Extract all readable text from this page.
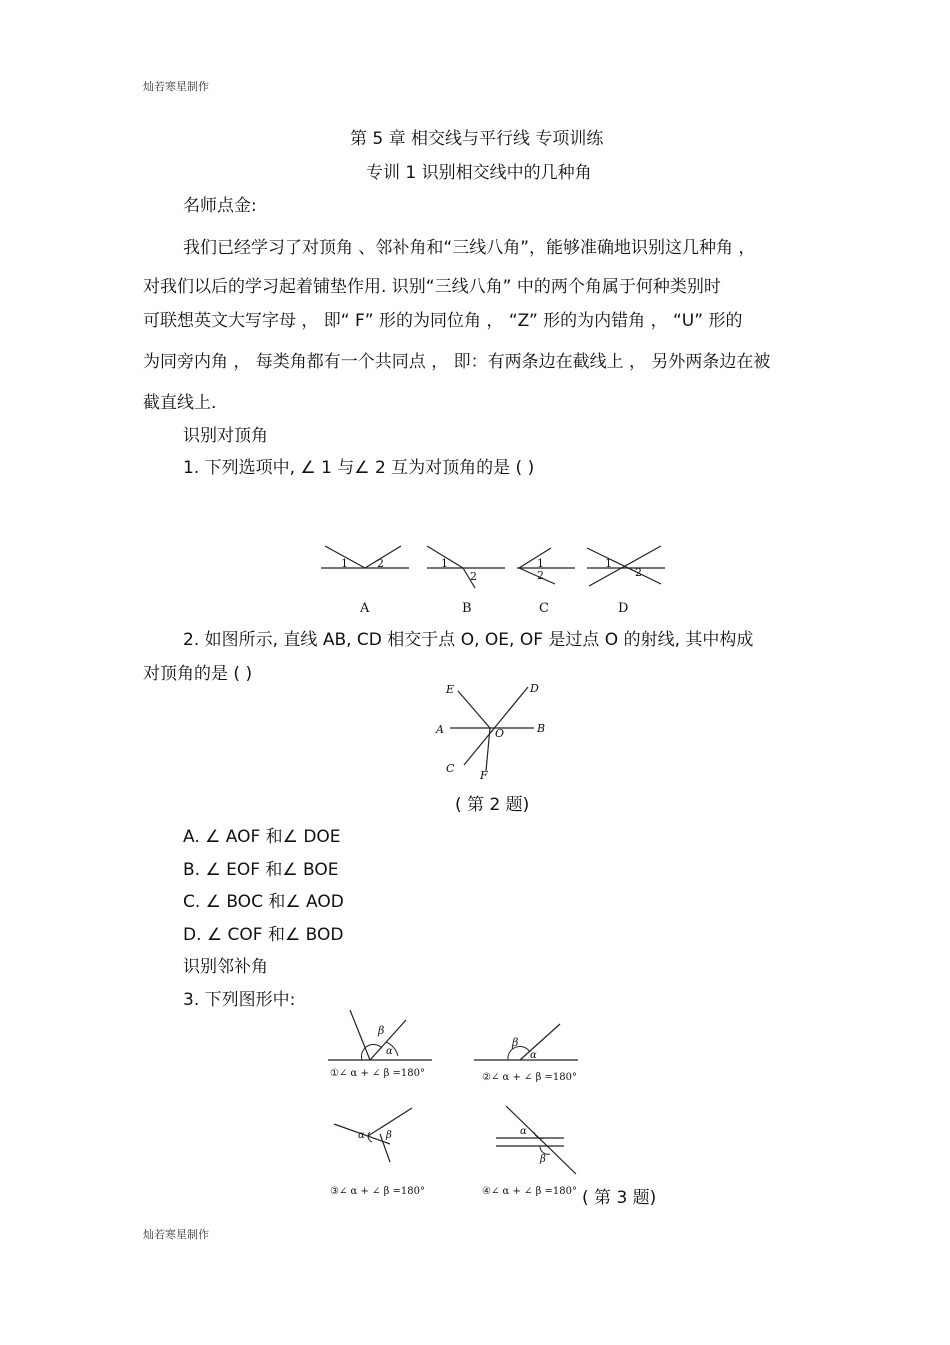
灿若寒星制作
灿若寒星制作
第 5 章 相交线与平行线 专项训练
专训 1 识别相交线中的几种角
名师点金:
我们已经学习了对顶角 、邻补角和“三线八角”，能够准确地识别这几种角 ，
对我们以后的学习起着铺垫作用. 识别“三线八角” 中的两个角属于何种类别时
可联想英文大写字母 ， 即“ F” 形的为同位角 ， “Z” 形的为内错角 ， “U” 形的
为同旁内角 ， 每类角都有一个共同点 ， 即：有两条边在截线上 ， 另外两条边在被
截直线上.
识别对顶角
1. 下列选项中, ∠ 1 与∠ 2 互为对顶角的是 ( )
1	2
A
1
2
B
1
2
C
1
2
D
2. 如图所示, 直线 AB, CD 相交于点 O, OE, OF 是过点 O 的射线, 其中构成
对顶角的是 ( )
E	D
A	O	B
C
F
( 第 2 题)
A. ∠ AOF 和∠ DOE
B. ∠ EOF 和∠ BOE
C. ∠ BOC 和∠ AOD
D. ∠ COF 和∠ BOD
识别邻补角
3. 下列图形中:
β
α
①∠ α + ∠ β =180°
β
α
②∠ α + ∠ β =180°
α β
③∠ α + ∠ β =180°
α
β
④∠ α + ∠ β =180° ( 第 3 题)
